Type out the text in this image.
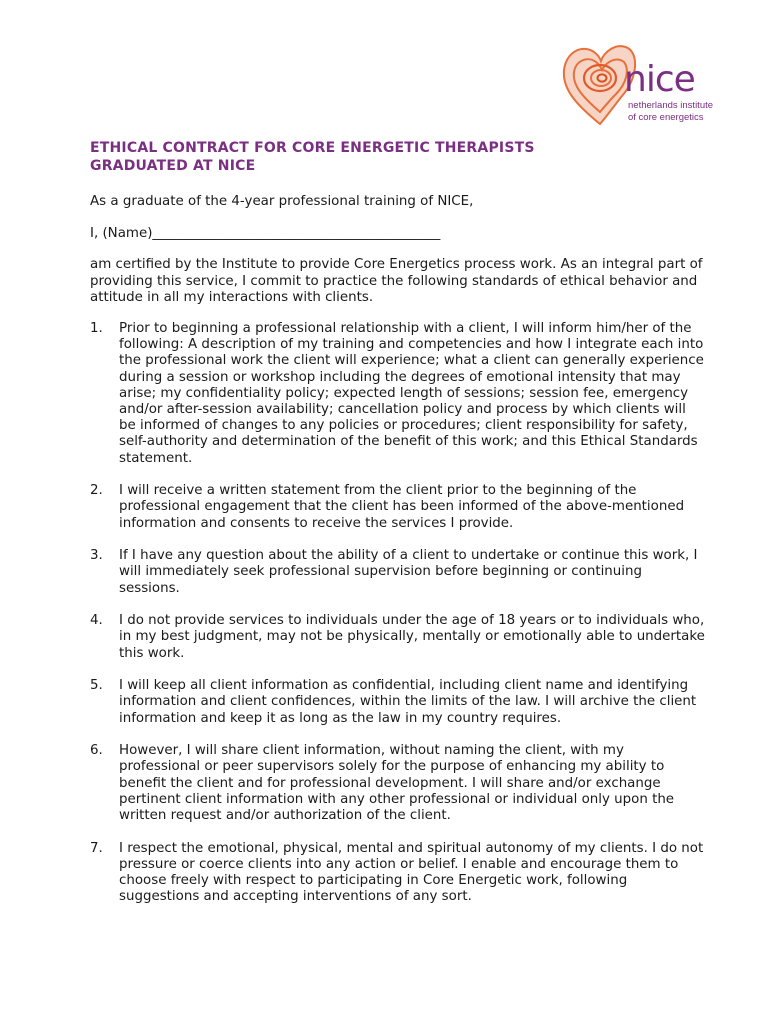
nice
netherlands institute
of core energetics
ETHICAL CONTRACT FOR CORE ENERGETIC THERAPISTS
GRADUATED AT NICE

As a graduate of the 4-year professional training of NICE,

I, (Name)___________________________________________

am certified by the Institute to provide Core Energetics process work. As an integral part of providing this service, I commit to practice the following standards of ethical behavior and attitude in all my interactions with clients.

1. Prior to beginning a professional relationship with a client, I will inform him/her of the following: A description of my training and competencies and how I integrate each into the professional work the client will experience; what a client can generally experience during a session or workshop including the degrees of emotional intensity that may arise; my confidentiality policy; expected length of sessions; session fee, emergency and/or after-session availability; cancellation policy and process by which clients will be informed of changes to any policies or procedures; client responsibility for safety, self-authority and determination of the benefit of this work; and this Ethical Standards statement.
2. I will receive a written statement from the client prior to the beginning of the professional engagement that the client has been informed of the above-mentioned information and consents to receive the services I provide.
3. If I have any question about the ability of a client to undertake or continue this work, I will immediately seek professional supervision before beginning or continuing sessions.
4. I do not provide services to individuals under the age of 18 years or to individuals who, in my best judgment, may not be physically, mentally or emotionally able to undertake this work.
5. I will keep all client information as confidential, including client name and identifying information and client confidences, within the limits of the law. I will archive the client information and keep it as long as the law in my country requires.
6. However, I will share client information, without naming the client, with my professional or peer supervisors solely for the purpose of enhancing my ability to benefit the client and for professional development. I will share and/or exchange pertinent client information with any other professional or individual only upon the written request and/or authorization of the client.
7. I respect the emotional, physical, mental and spiritual autonomy of my clients. I do not pressure or coerce clients into any action or belief. I enable and encourage them to choose freely with respect to participating in Core Energetic work, following suggestions and accepting interventions of any sort.
